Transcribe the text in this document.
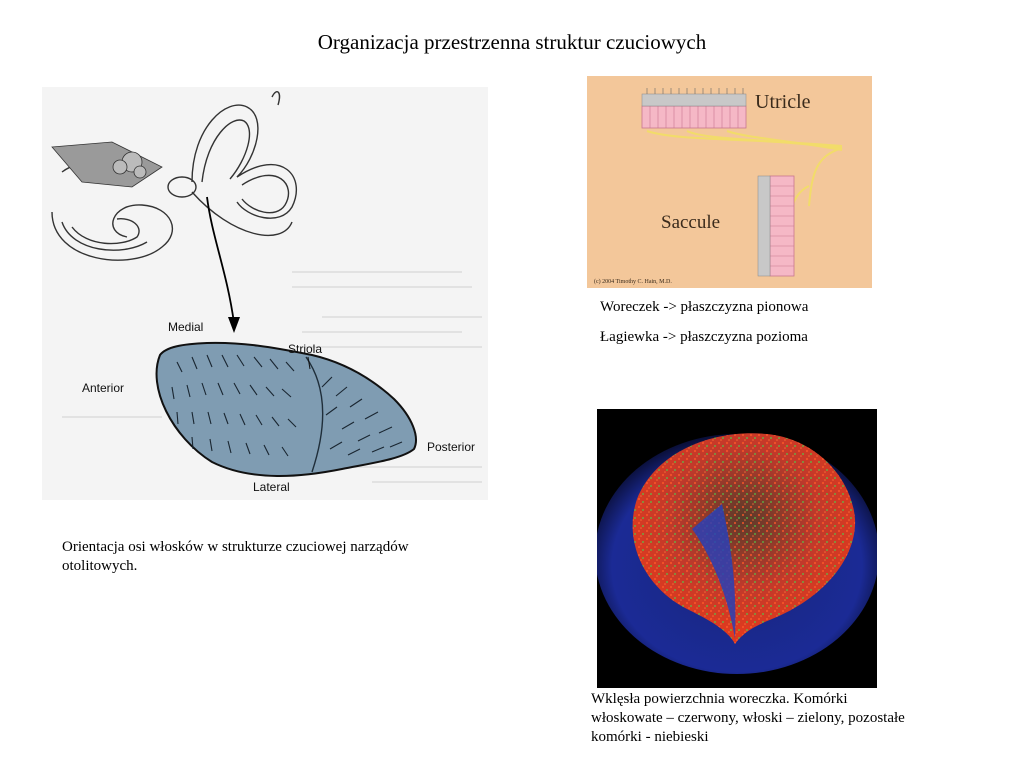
Organizacja przestrzenna struktur czuciowych
Medial
Striola
Anterior
Posterior
Lateral
Utricle
Saccule
(c) 2004 Timothy C. Hain, M.D.
Woreczek -> płaszczyzna pionowa
Łagiewka -> płaszczyzna pozioma
Orientacja osi włosków w strukturze czuciowej narządów otolitowych.
Wklęsła powierzchnia woreczka. Komórki włoskowate – czerwony, włoski – zielony, pozostałe komórki - niebieski
